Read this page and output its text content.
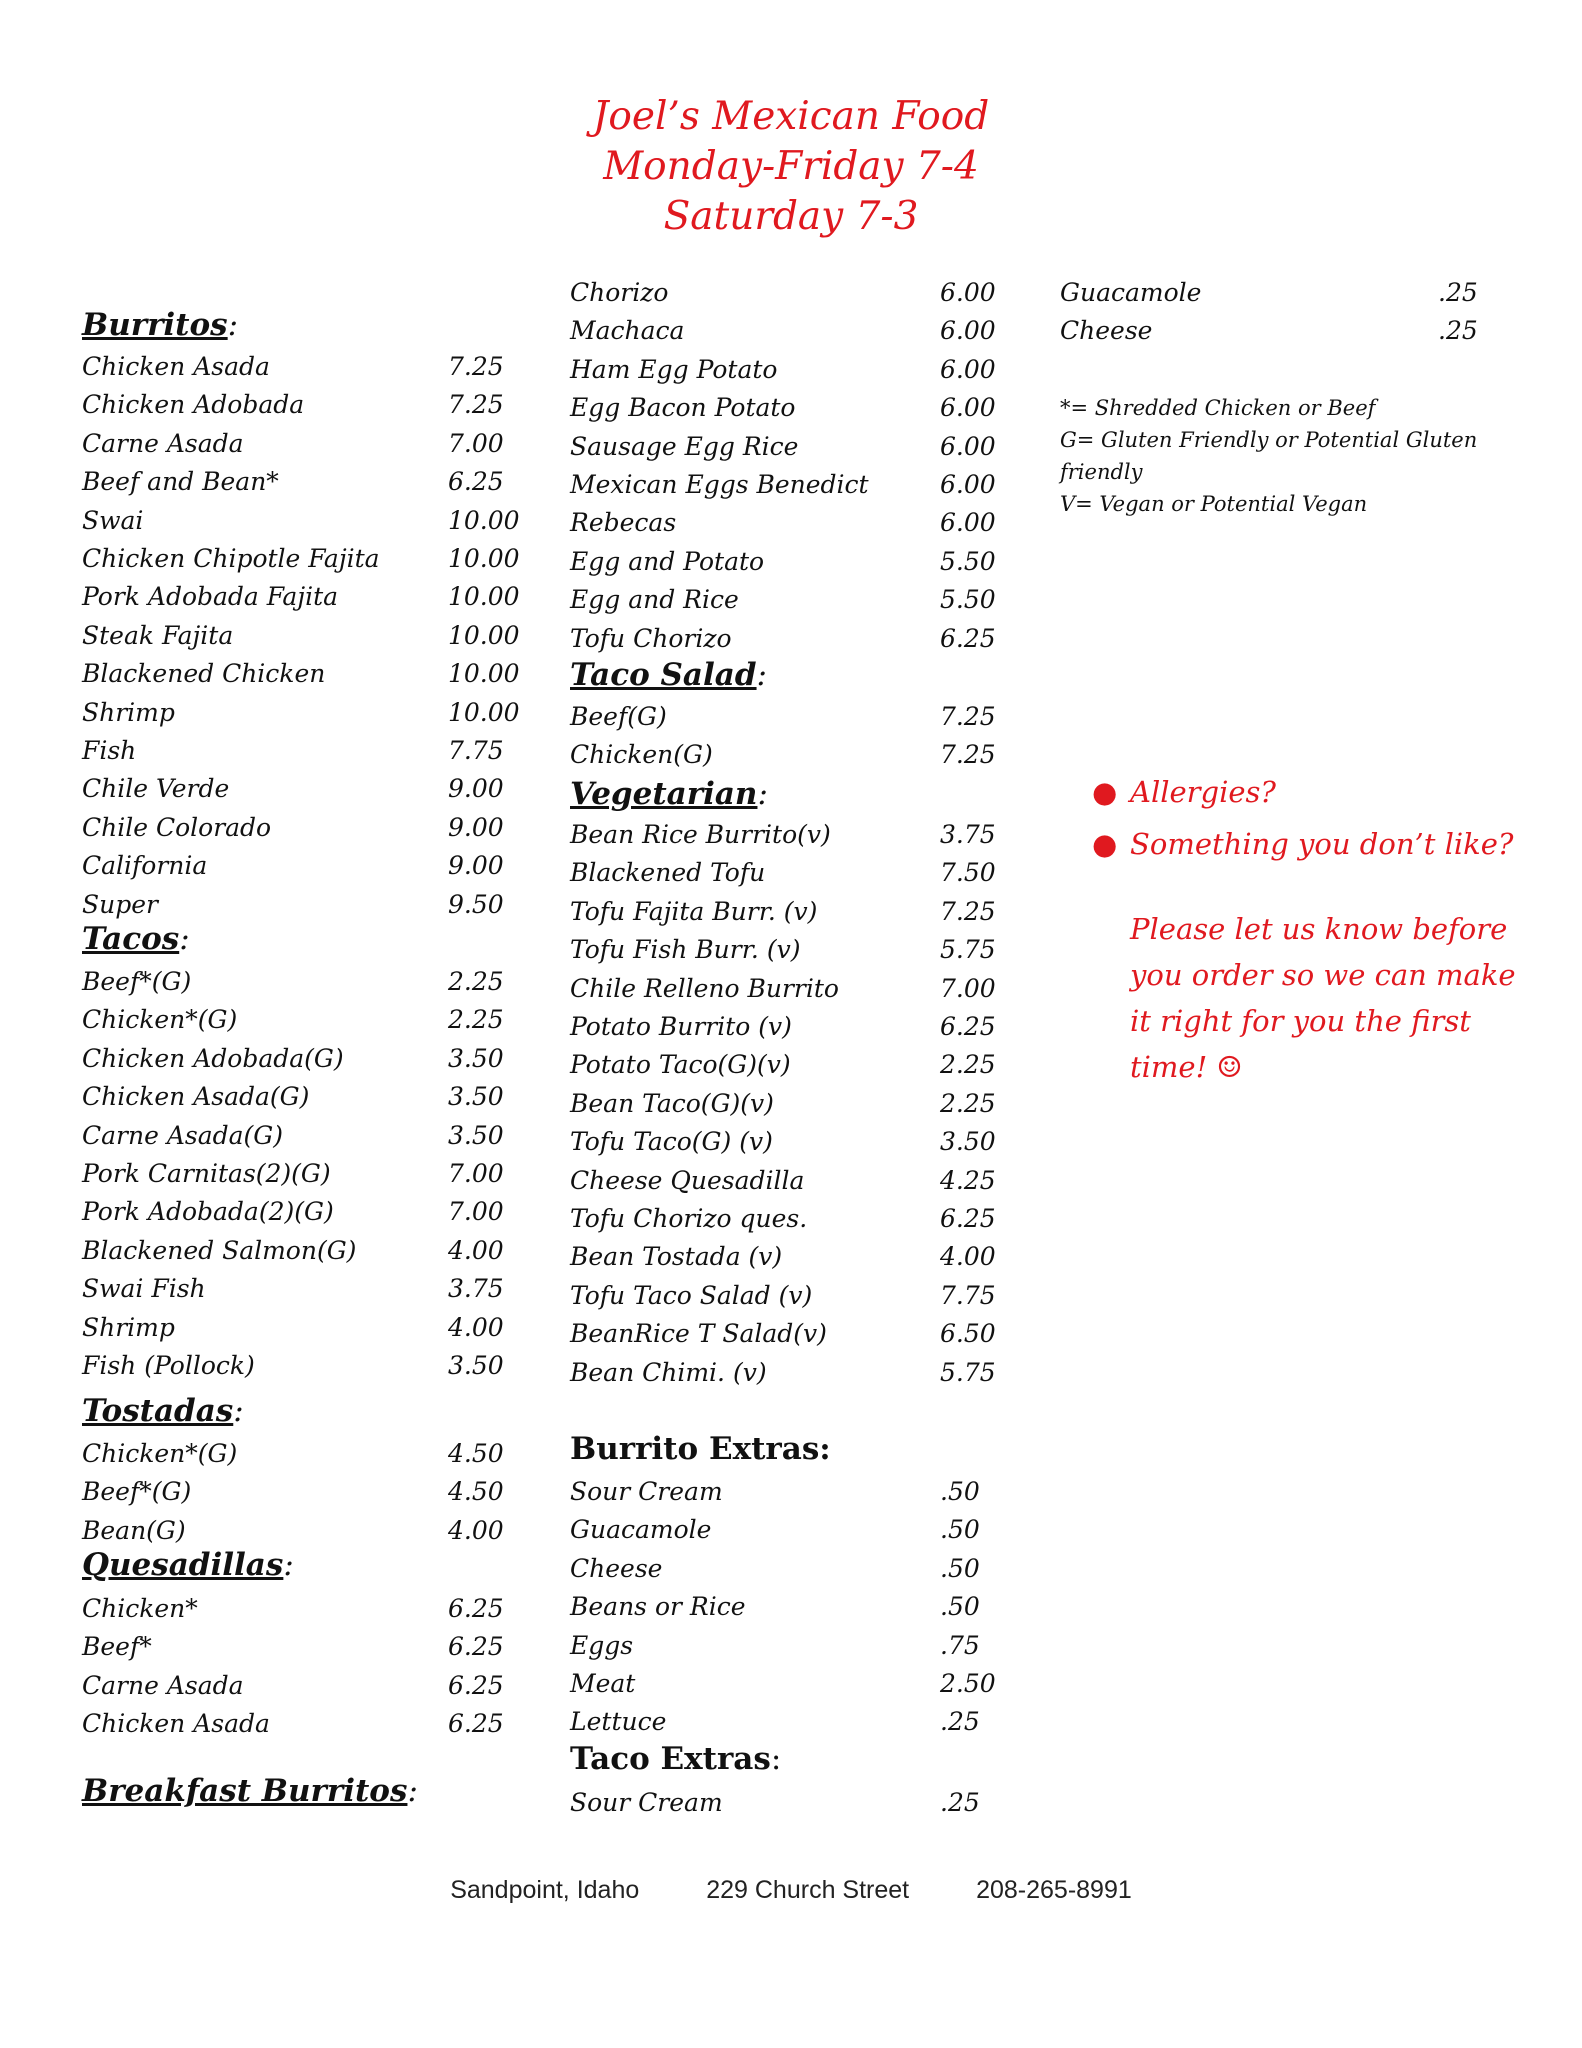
Joel’s Mexican Food
Monday-Friday 7-4
Saturday 7-3
Burritos:
Chicken Asada	7.25
Chicken Adobada	7.25
Carne Asada	7.00
Beef and Bean*	6.25
Swai	10.00
Chicken Chipotle Fajita	10.00
Pork Adobada Fajita	10.00
Steak Fajita	10.00
Blackened Chicken	10.00
Shrimp	10.00
Fish	7.75
Chile Verde	9.00
Chile Colorado	9.00
California	9.00
Super	9.50
Tacos:
Beef*(G)	2.25
Chicken*(G)	2.25
Chicken Adobada(G)	3.50
Chicken Asada(G)	3.50
Carne Asada(G)	3.50
Pork Carnitas(2)(G)	7.00
Pork Adobada(2)(G)	7.00
Blackened Salmon(G)	4.00
Swai Fish	3.75
Shrimp	4.00
Fish (Pollock)	3.50
Tostadas:
Chicken*(G)	4.50
Beef*(G)	4.50
Bean(G)	4.00
Quesadillas:
Chicken*	6.25
Beef*	6.25
Carne Asada	6.25
Chicken Asada	6.25
Breakfast Burritos:
Chorizo	6.00
Machaca	6.00
Ham Egg Potato	6.00
Egg Bacon Potato	6.00
Sausage Egg Rice	6.00
Mexican Eggs Benedict	6.00
Rebecas	6.00
Egg and Potato	5.50
Egg and Rice	5.50
Tofu Chorizo	6.25
Taco Salad:
Beef(G)	7.25
Chicken(G)	7.25
Vegetarian:
Bean Rice Burrito(v)	3.75
Blackened Tofu	7.50
Tofu Fajita Burr. (v)	7.25
Tofu Fish Burr. (v)	5.75
Chile Relleno Burrito	7.00
Potato Burrito (v)	6.25
Potato Taco(G)(v)	2.25
Bean Taco(G)(v)	2.25
Tofu Taco(G) (v)	3.50
Cheese Quesadilla	4.25
Tofu Chorizo ques.	6.25
Bean Tostada (v)	4.00
Tofu Taco Salad (v)	7.75
BeanRice T Salad(v)	6.50
Bean Chimi. (v)	5.75
Burrito Extras:
Sour Cream	.50
Guacamole	.50
Cheese	.50
Beans or Rice	.50
Eggs	.75
Meat	2.50
Lettuce	.25
Taco Extras:
Sour Cream	.25
*= Shredded Chicken or Beef
G= Gluten Friendly or Potential Gluten friendly
V= Vegan or Potential Vegan
Guacamole	.25
Cheese	.25
● Allergies?
● Something you don’t like?
Please let us know before you order so we can make it right for you the first time! ☺
Sandpoint, Idaho	229 Church Street	208-265-8991
